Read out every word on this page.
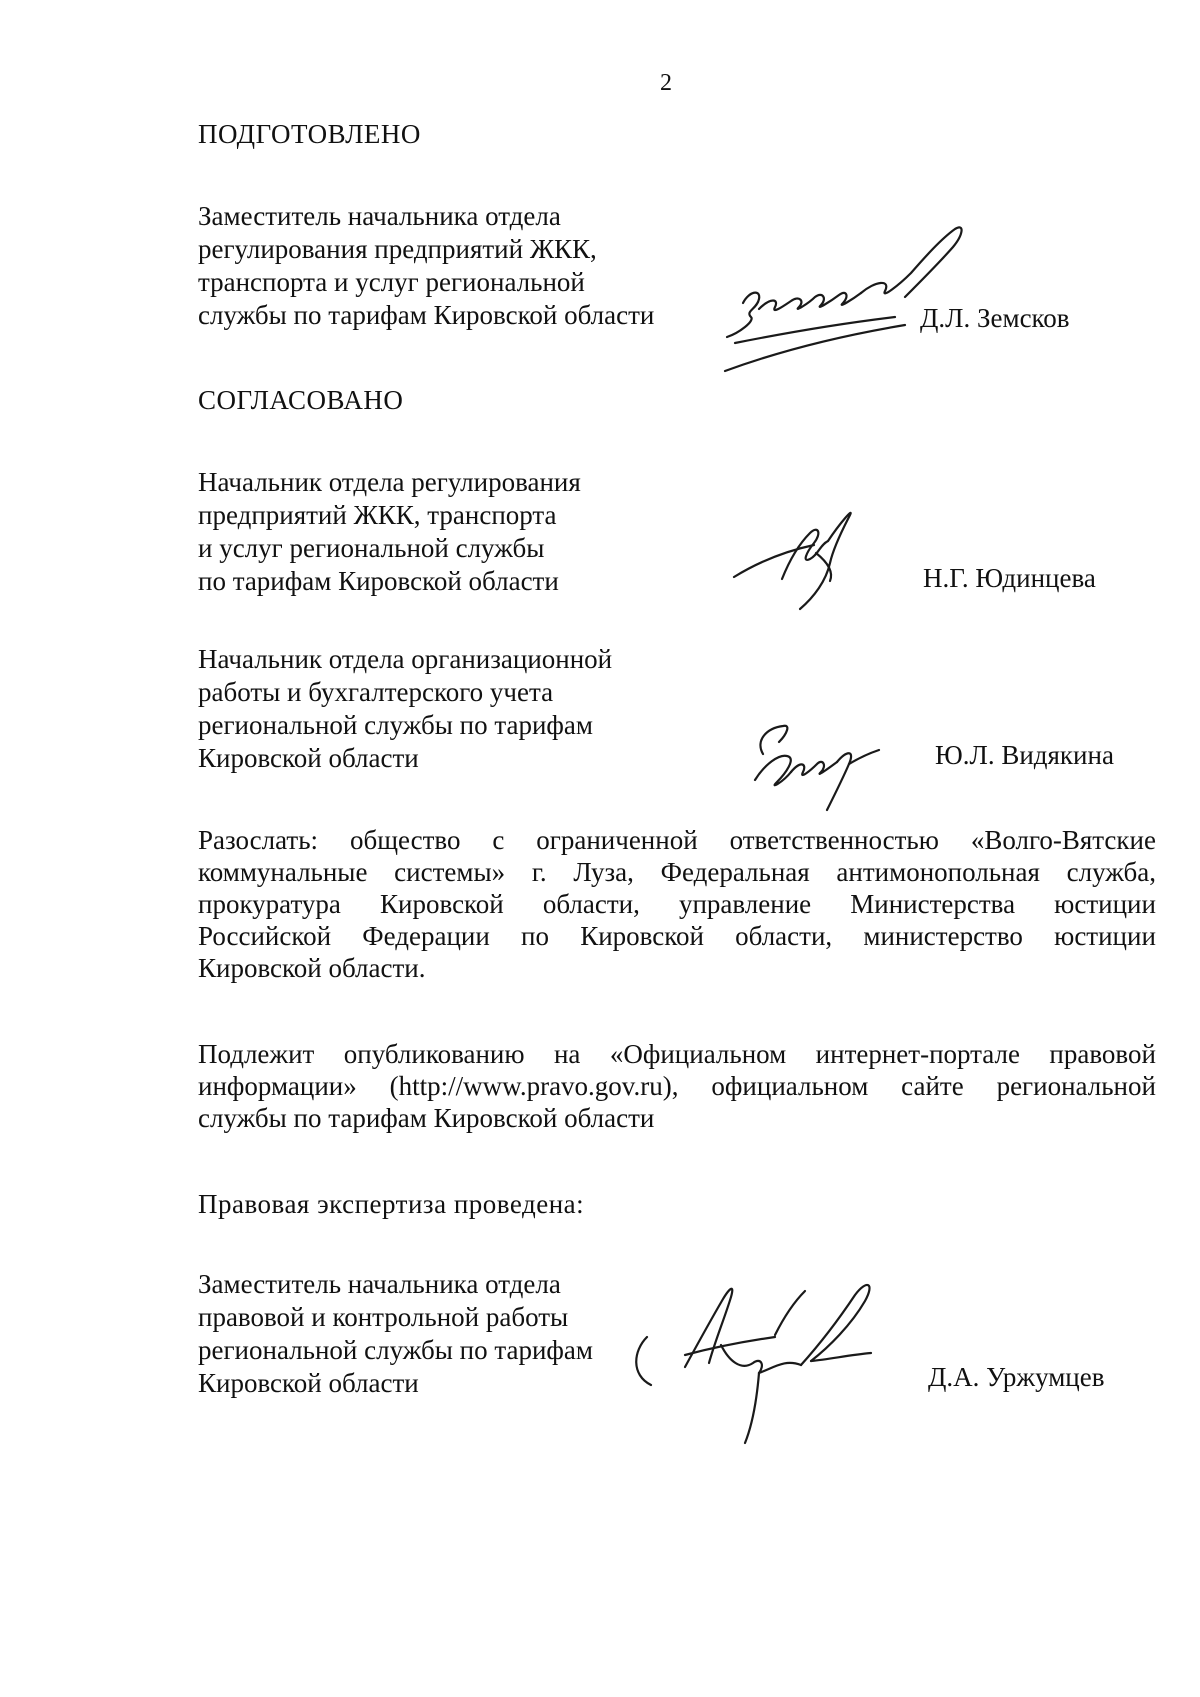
2
ПОДГОТОВЛЕНО
Заместитель начальника отдела
регулирования предприятий ЖКК,
транспорта и услуг региональной
службы по тарифам Кировской области	Д.Л. Земсков
СОГЛАСОВАНО
Начальник отдела регулирования
предприятий ЖКК, транспорта
и услуг региональной службы
по тарифам Кировской области	Н.Г. Юдинцева
Начальник отдела организационной
работы и бухгалтерского учета
региональной службы по тарифам
Кировской области	Ю.Л. Видякина
Разослать: общество с ограниченной ответственностью «Волго-Вятские
коммунальные системы» г. Луза, Федеральная антимонопольная служба,
прокуратура Кировской области, управление Министерства юстиции
Российской Федерации по Кировской области, министерство юстиции
Кировской области.
Подлежит опубликованию на «Официальном интернет-портале правовой
информации» (http://www.pravo.gov.ru), официальном сайте региональной
службы по тарифам Кировской области
Правовая экспертиза проведена:
Заместитель начальника отдела
правовой и контрольной работы
региональной службы по тарифам
Кировской области	Д.А. Уржумцев
